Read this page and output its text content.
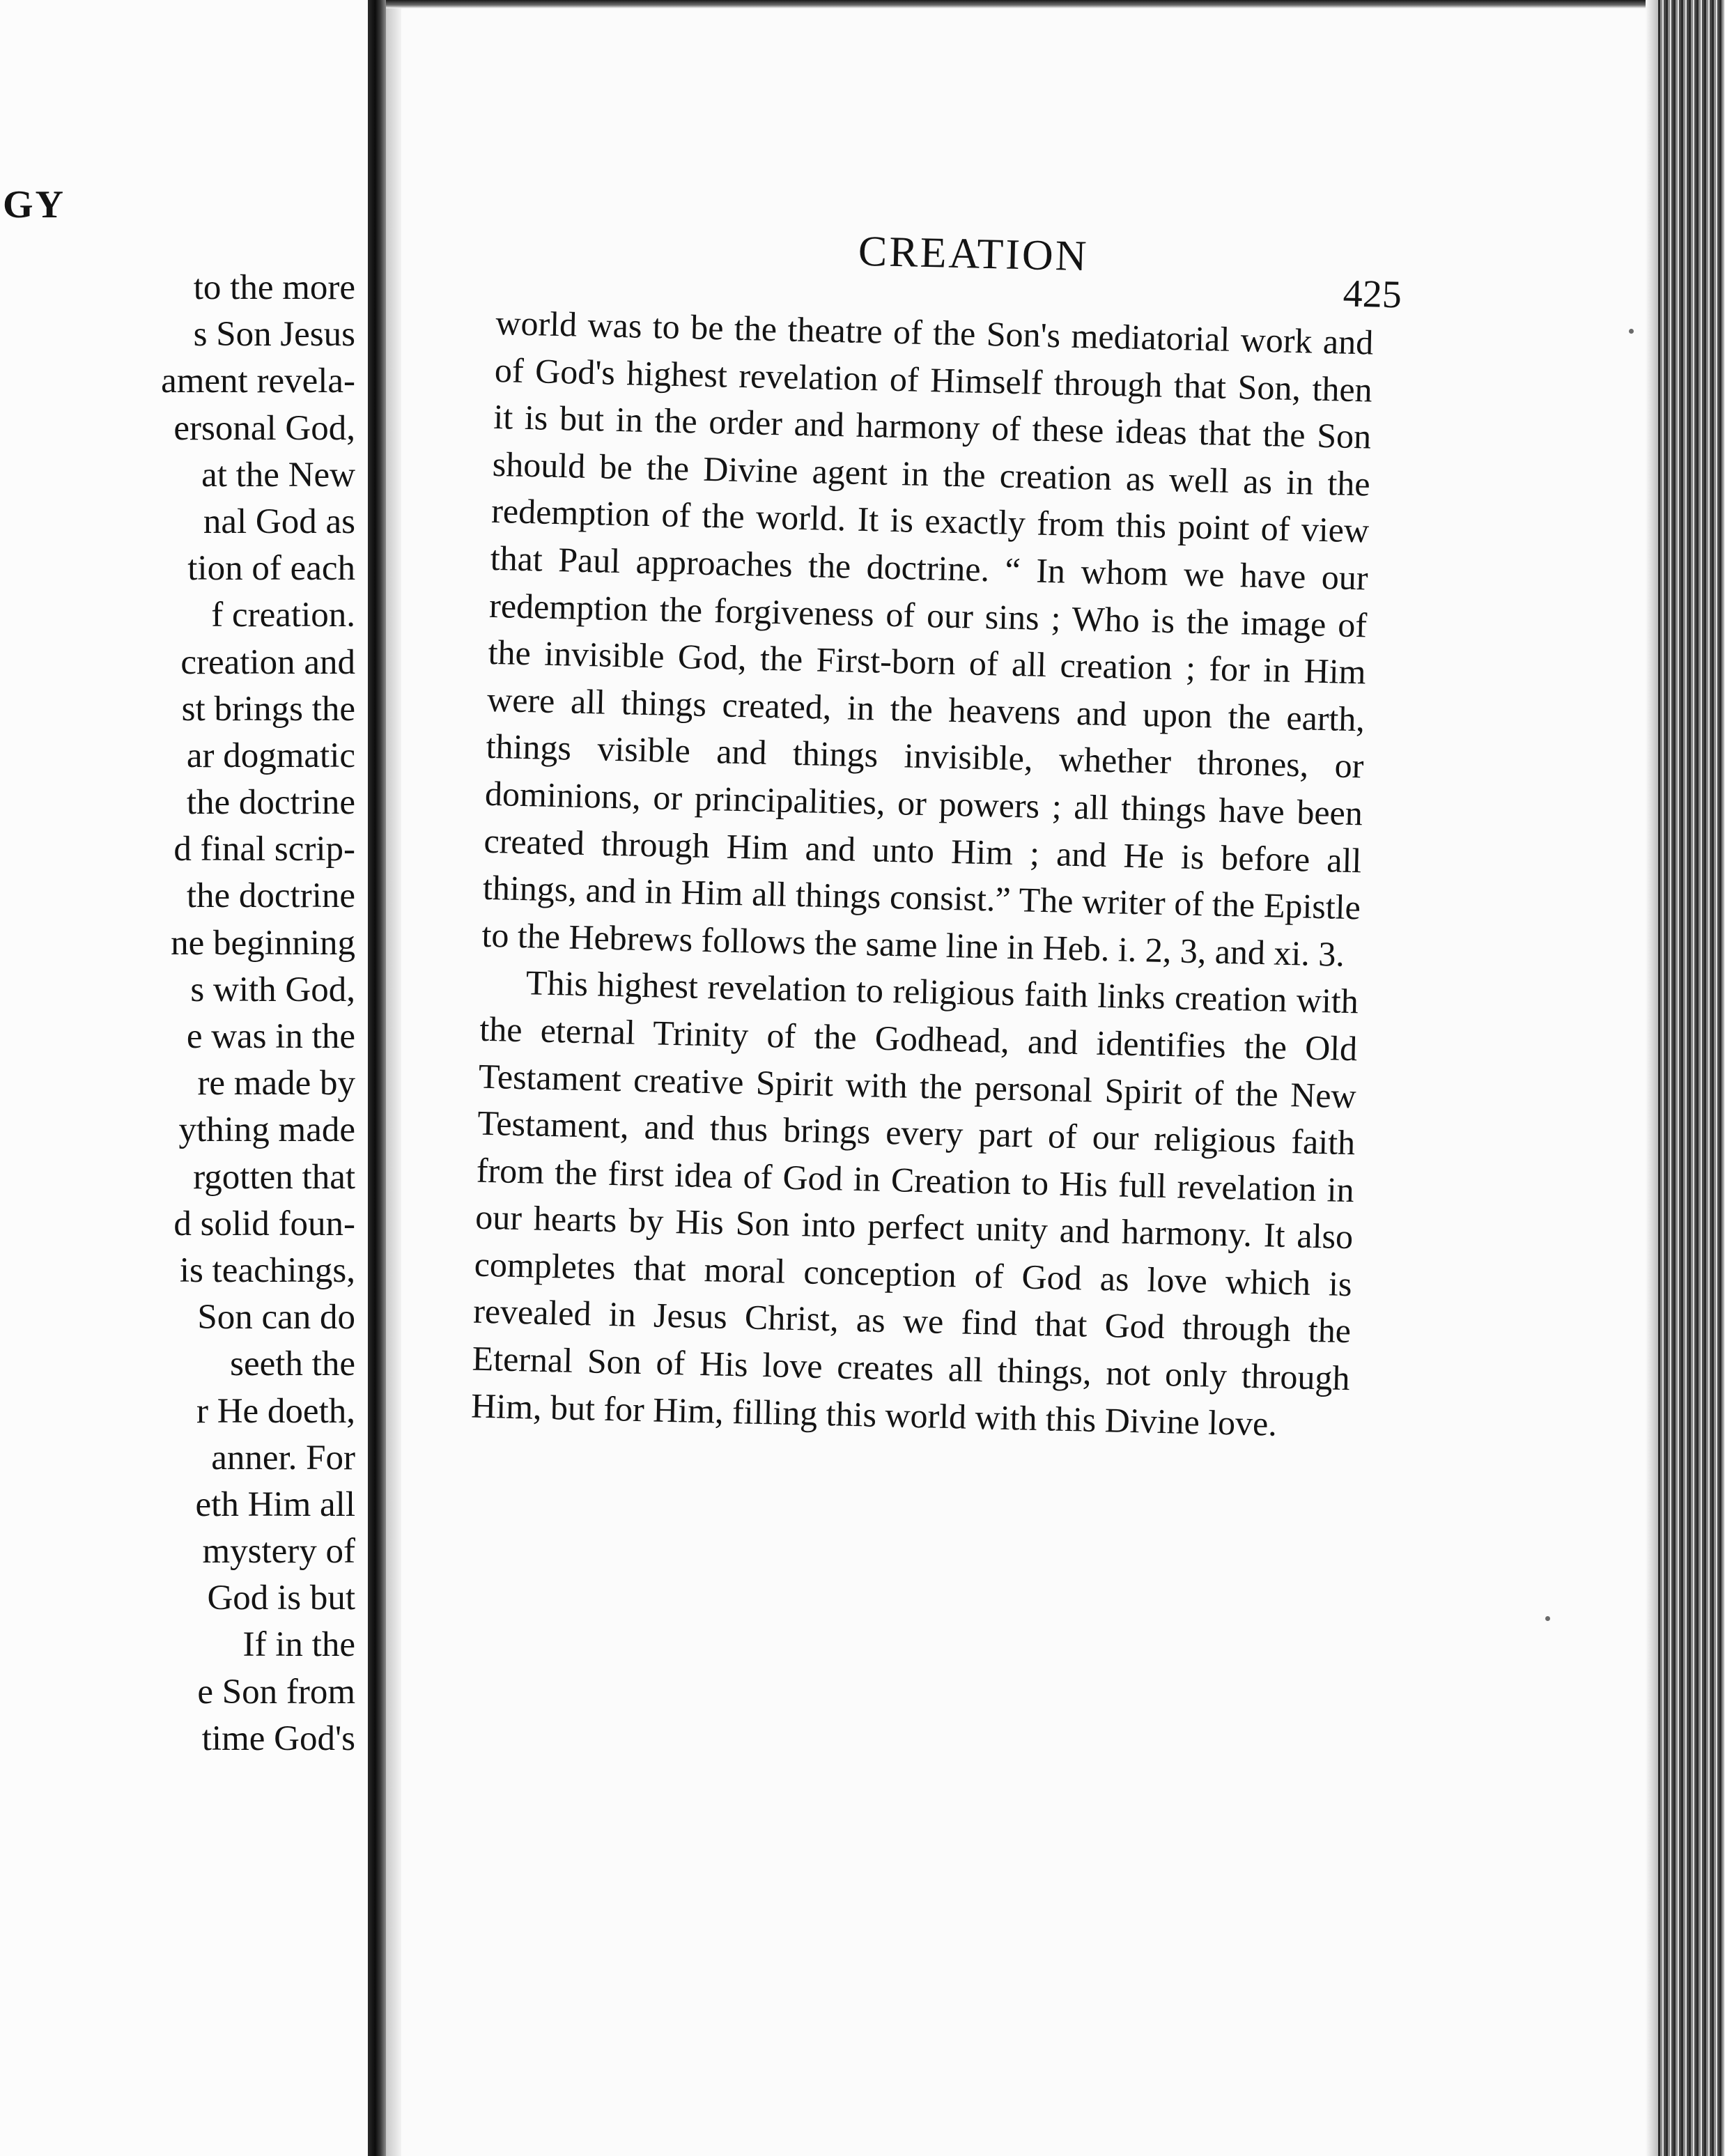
GY
to the more
s Son Jesus
ament revela-
ersonal God,
at the New
nal God as
tion of each
f creation.
creation and
st brings the
ar dogmatic
the doctrine
d final scrip-
the doctrine
ne beginning
s with God,
e was in the
re made by
ything made
rgotten that
d solid foun-
is teachings,
Son can do
seeth the
r He doeth,
anner. For
eth Him all
mystery of
God is but
If in the
e Son from
time God's
CREATION
425

world was to be the theatre of the Son's mediatorial work and of God's highest revelation of Himself through that Son, then it is but in the order and harmony of these ideas that the Son should be the Divine agent in the creation as well as in the redemption of the world. It is exactly from this point of view that Paul approaches the doctrine. “ In whom we have our redemption the forgiveness of our sins ; Who is the image of the invisible God, the First-born of all creation ; for in Him were all things created, in the heavens and upon the earth, things visible and things invisible, whether thrones, or dominions, or principalities, or powers ; all things have been created through Him and unto Him ; and He is before all things, and in Him all things consist.” The writer of the Epistle to the Hebrews follows the same line in Heb. i. 2, 3, and xi. 3.

This highest revelation to religious faith links creation with the eternal Trinity of the Godhead, and identifies the Old Testament creative Spirit with the personal Spirit of the New Testament, and thus brings every part of our religious faith from the first idea of God in Creation to His full revelation in our hearts by His Son into perfect unity and harmony. It also completes that moral conception of God as love which is revealed in Jesus Christ, as we find that God through the Eternal Son of His love creates all things, not only through Him, but for Him, filling this world with this Divine love.
